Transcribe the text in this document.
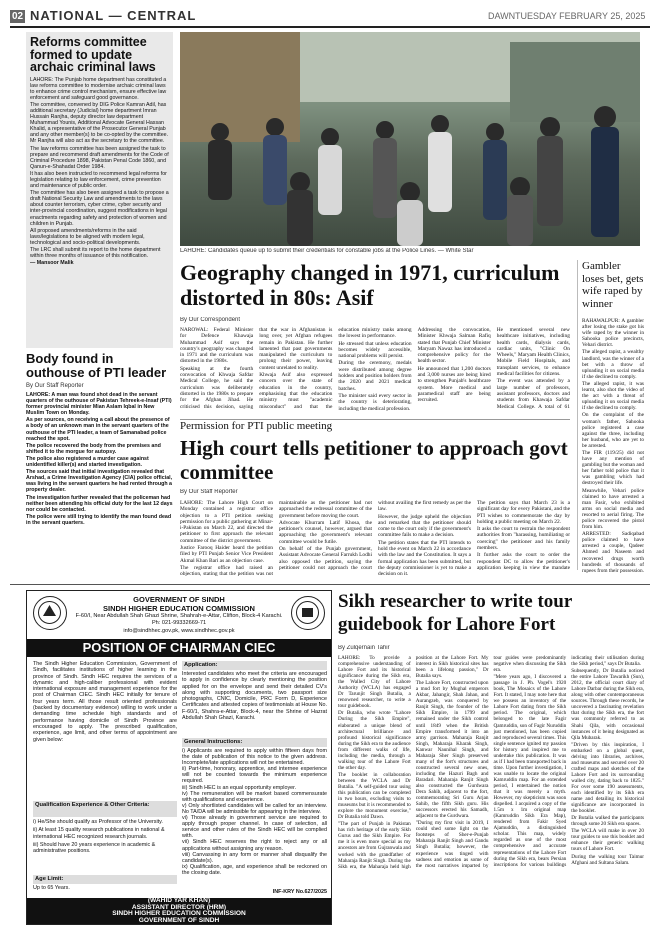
02 NATIONAL — CENTRAL	DAWN TUESDAY FEBRUARY 25, 2025
Reforms committee formed to update archaic criminal laws

LAHORE: The Punjab home department has constituted a law reforms committee to modernise archaic criminal laws to enhance crime control mechanism, ensure effective law enforcement and safeguard good governance.

The committee, convened by DIG Police Kamran Adil, has additional secretary (Judicial) home department Imran Hussain Ranjha, deputy director law department Muhammad Younis, Additional Advocate General Hassan Khalid, a representative of the Prosecutor General Punjab and any other member(s) to be co-opted by the committee. Mr Ranjha will also act as the secretary to the committee.

The law reforms committee has been assigned the task to prepare and recommend draft amendments for the Code of Criminal Procedure 1898, Pakistan Penal Code 1860, and Qanun-e-Shahadat Order 1984.

It has also been instructed to recommend legal reforms for legislation relating to law enforcement, crime prevention and maintenance of public order.

The committee has also been assigned a task to propose a draft National Security Law and amendments to the laws about counter terrorism, cyber crime, cyber security and inter-provincial coordination, suggest modifications in legal enactments regarding safety and protection of women and children in Punjab.

All proposed amendments/reforms in the said laws/legislations to be aligned with modern legal, technological and socio-political developments.

The LRC shall submit its report to the home department within three months of issuance of this notification.

— Mansoor Malik

LAHORE: Candidates queue up to submit their credentials for constable jobs at the Police Lines. — White Star
Geography changed in 1971, curriculum distorted in 80s: Asif
By Our Correspondent

NAROWAL: Federal Minister for Defence Khawaja Muhammad Asif says the country's geography was changed in 1971 and the curriculum was distorted in the 1980s.

Speaking at the fourth convocation of Khwaja Safdar Medical College, he said the curriculum was deliberately distorted in the 1980s to prepare for the Afghan Jihad. He criticised this decision, saying that the war in Afghanistan is long over, yet Afghan refugees remain in Pakistan. He further lamented that past governments manipulated the curriculum to prolong their power, leaving content unrelated to reality.

Khwaja Asif also expressed concern over the state of education in the country, emphasising that the education ministry must "academic misconduct" and that the education ministry ranks among the lowest in performance.

He stressed that unless education becomes widely accessible, national problems will persist.

During the ceremony, medals were distributed among degree holders and position holders from the 2020 and 2021 medical batches.

The minister said every sector in the country is deteriorating, including the medical profession.

Addressing the convocation, Minister Khwaja Salman Rafiq stated that Punjab Chief Minister Maryam Nawaz has introduced a comprehensive policy for the health sector.

He announced that 1,200 doctors and 3,000 nurses are being hired to strengthen Punjab's healthcare system. More medical and paramedical staff are being recruited.

He mentioned several new healthcare initiatives, including health cards, dialysis cards, cardiac units, "Clinic On Wheels," Maryam Health Clinics, Mobile Field Hospitals, and transplant services, to enhance medical facilities for citizens.

The event was attended by a large number of professors, assistant professors, doctors and students from Khawaja Safdar Medical College. A total of 61

Gambler loses bet, gets wife raped by winner

RAHAWALPUR: A gambler after losing the stake got his wife raped by the winner in Sahooka police precincts, Vehari district.

The alleged rapist, a wealthy landlord, was the winner of a bet with a throw of uploading it on social media if she declined to comply.

The alleged rapist, it was learnt, also shot the video of the act with a threat of uploading it on social media if she declined to comply.

On the complaint of the woman's father, Sahooka police registered a case against the three, including her husband, who are yet to be arrested.

The FIR (119/25) did not have any mention of gambling but the woman and her father told police that it was gambling which had destroyed their life.

Meanwhile, Vehari police claimed to have arrested a man Fasir, who exhibited arms on social media and resorted to aerial firing. The police recovered the pistol from him.

ARRESTED: Sadiqabad police claimed to have arrested a couple, Qadeer Ahmed and Naseem and recovered drugs worth hundreds of thousands of rupees from their possession.

Body found in outhouse of PTI leader
By Our Staff Reporter

LAHORE: A man was found shot dead in the servant quarters of the outhouse of Pakistan Tehreek-e-Insaf (PTI) former provincial minister Mian Aslam Iqbal in New Muslim Town on Monday.

As per sources, on receiving a call about the presence of a body of an unknown man in the servant quarters of the outhouse of the PTI leader, a team of Samanabad police reached the spot.

The police recovered the body from the premises and shifted it to the morgue for autopsy.

The police also registered a murder case against unidentified killer(s) and started investigation.

The sources said that initial investigation revealed that Arshad, a Crime Investigation Agency (CIA) police official, was living in the servant quarters he had rented through a property dealer.

The investigation further revealed that the policeman had neither been attending his official duty for the last 12 days nor could be contacted.

The police were still trying to identify the man found dead in the servant quarters.

Permission for PTI public meeting
High court tells petitioner to approach govt committee
By Our Staff Reporter

LAHORE: The Lahore High Court on Monday contained a registrar office objection to a PTI petition seeking permission for a public gathering at Minar-i-Pakistan on March 22, and directed the petitioner to first approach the relevant committee of the district government.

Justice Farooq Haider heard the petition filed by PTI Punjab Senior Vice President Akmal Khan Bari as an objection case.

The registrar office had raised an objection, stating that the petition was not maintainable as the petitioner had not approached the redressal committee of the government before moving the court.

Advocate Khurram Latif Khosa, the petitioner's counsel, however, argued that approaching the government's relevant committee would be futile.

On behalf of the Punjab government, Assistant Advocate General Farrukh Lodhi also opposed the petition, saying the petitioner could not approach the court without availing the first remedy as per the law.

However, the judge upheld the objection and remarked that the petitioner should come to the court only if the government's committee fails to make a decision.

The petition states that the PTI intends to hold the event on March 22 in accordance with the law and the Constitution. It says a formal application has been submitted, but the deputy commissioner is yet to make a decision on it.

The petition says that March 23 is a significant day for every Pakistani, and the PTI wishes to commemorate the day by holding a public meeting on March 22.

It asks the court to restrain the respondent authorities from "harassing, humiliating or coercing" the petitioner and his family members.

It further asks the court to order the respondent DC to allow the petitioner's application keeping in view the mandate

GOVERNMENT OF SINDH
SINDH HIGHER EDUCATION COMMISSION
F-60/I, Near Abdullah Shah Ghazi Shrine, Shahrah-e-Attar, Clifton, Block-4 Karachi. Ph: 021-99332669-71
info@sindhhec.gov.pk, www.sindhhec.gov.pk
POSITION OF CHAIRMAN CIEC
The Sindh Higher Education Commission, Government of Sindh, facilitates institutions of higher learning in the province of Sindh. Sindh HEC requires the services of a dynamic and high-caliber professional with evident international exposure and management experience for the post of Chairman CIEC. Sindh HEC initially for tenure of four years term. All those result oriented professionals (backed by documentary evidence) willing to work under a demanding time schedule high standards and of performance having domicile of Sindh Province are encouraged to apply. The prescribed qualification, experience, age limit, and other terms of appointment are given below:
Qualification Experience & Other Criteria:

i) He/She should qualify as Professor of the University.

ii) At least 15 quality research publications in national & international HEC recognized research journals.

iii) Should have 20 years experience in academic & administrative positions.

Age Limit:
Up to 65 Years.
Application:
Interested candidates who meet the criteria are encouraged to apply in confidence by clearly mentioning the position applied for on the envelope and send their detailed CV's along with supporting documents, two passport size photographs, CNIC, Domicile, PRC Form D, Experience Certificates and attested copies of testimonials at House No. F-60/1, Shahra-e-Attar, Block-4, near the Shrine of Hazrat Abdullah Shah Ghazi, Karachi.
General Instructions:

i) Applicants are required to apply within fifteen days from the date of publication of this notice to the given address. Incomplete/late applications will not be entertained.

ii) Part-time, honorary, apprentice, and internee experience will not be counted towards the minimum experience required.

iii) Sindh HEC is an equal opportunity employer.

iv) The remuneration will be market based commensurate with qualifications and experience.

v) Only shortlisted candidates will be called for an interview. No TA/DA will be admissible for appearing in the interview.

vi) Those already in government service are required to apply through proper channel. In case of selection, all service and other rules of the Sindh HEC will be complied with.

vii) Sindh HEC reserves the right to reject any or all applications without assigning any reason.

viii) Canvassing in any form or manner shall disqualify the candidate(s).

ix) Qualification, age, and experience shall be reckoned on the closing date.

INF-KRY No.627/2025
(WAHID YAR KHAN)
ASSISTANT DIRECTOR (HRM)
SINDH HIGHER EDUCATION COMMISSION
GOVERNMENT OF SINDH
Sikh researcher to write tour guidebook for Lahore Fort
By Zulqernain Tahir

LAHORE: To provide a comprehensive understanding of Lahore Fort and its historical significance during the Sikh era, the Walled City of Lahore Authority (WCLA) has engaged Dr Tarunjit Singh Butalia, a renowned researcher, to write a tour guidebook.

Dr Butalia, who wrote "Lahore During the Sikh Empire", elaborated a unique blend of architectural brilliance and profound historical significance during the Sikh era to the audience from different walks of life, including the media, through a walking tour of the Lahore Fort the other day.

The booklet in collaboration between the WCLA and Dr Butalia. "A self-guided tour using this publication can be completed in two hours, excluding visits to museums but it is recommended to explore the monument exercise," Dr Butalia told Dawn.

"The part of Punjab in Pakistan has rich heritage of the early Sikh Gurus and the Sikh Empire. For me it is even more special as my ancestors are from Gujranwala and worked with the grandfather of Maharaja Ranjit Singh. During the Sikh era, the Maharaja held high position at the Lahore Fort. My interest in Sikh historical sites has been a lifelong passion," Dr Butalia says.

The Lahore Fort, constructed upon a mud fort by Mughal emperors Akbar, Jahangir, Shah Jahan, and Aurangzeb, was conquered by Ranjit Singh, the founder of the Sikh Empire, in 1799 and remained under the Sikh control until 1849 when the British Empire transformed it into an army garrison. Maharaja Ranjit Singh, Maharaja Kharak Singh, Kanwar Naunihal Singh, and Maharaja Sher Singh preserved many of the fort's structures and constructed several new ones, including the Hazuri Bagh and Baradari. Maharaja Ranjit Singh also constructed the Gurdwara Dera Sahib, adjacent to the fort, commemorating Sri Guru Arjan Sahib, the fifth Sikh guru. His successors erected his Samadh, adjacent to the Gurdwara.

"During my first visit in 2019, I could shed some light on the footsteps of Sher-e-Punjab Maharaja Ranjit Singh and Gandu Singh Butalia; however, the experience was tinged with sadness and emotion as some of the most narratives imparted by tour guides were predominantly negative when discussing the Sikh era.

"Mere years ago, I discovered a passage in J. Ph. Vogel's 1920 book, The Mosaics of the Lahore Fort. It stated, I may note here that we possess an inventory of the Lahore Fort dating from the Sikh period. The original, which belonged to the late Fagir Qamruddin, son of Fagir Nuruddin just mentioned, has been copied and reproduced several times. This single sentence ignited my passion for history and inspired me to undertake this publication. It was as if I had been transported back in time. Upon further investigation, I was unable to locate the original Kamruddin map. For an extended period, I entertained the notion that it was merely a myth. However, my skepticism was soon dispelled. I acquired a copy of the 1.5m x 1m original map (Kamruddin Sikh Era Map), rendered from Fakir Syed Ajamuddin, a distinguished scholar. This map, widely regarded as one of the most comprehensive and accurate representations of the Lahore Fort during the Sikh era, bears Persian inscriptions for various buildings indicating their utilisation during the Sikh period," says Dr Butalia.

Subsequently, Dr Butalia noticed the entire Lahore Tawarikh (Sun), 2012, the official court diary of Lahore Darbar during the Sikh era, along with other contemporaneous sources. Through these records, he uncovered a fascinating revelation that during the Sikh era, the fort was commonly referred to as Shahi Qila, with occasional instances of it being designated as Qila Mubarak.

"Driven by this inspiration, I embarked on a global quest, delving into libraries, archives, and museums and secured over 20 crafted maps and sketches of the Lahore Fort and its surrounding walled city, dating back to 1825." For over some 190 assessments, each identified by its Sikh era name and detailing its historical significance are incorporated in the booklet.

Dr Butalia walked the participants through some 20 Sikh era spaces.

The WCLA will make in over 20 tour guides to use this booklet and enhance their generic walking tours of Lahore Fort.

During the walking tour Taimur Afghani and Sultana Salam.
